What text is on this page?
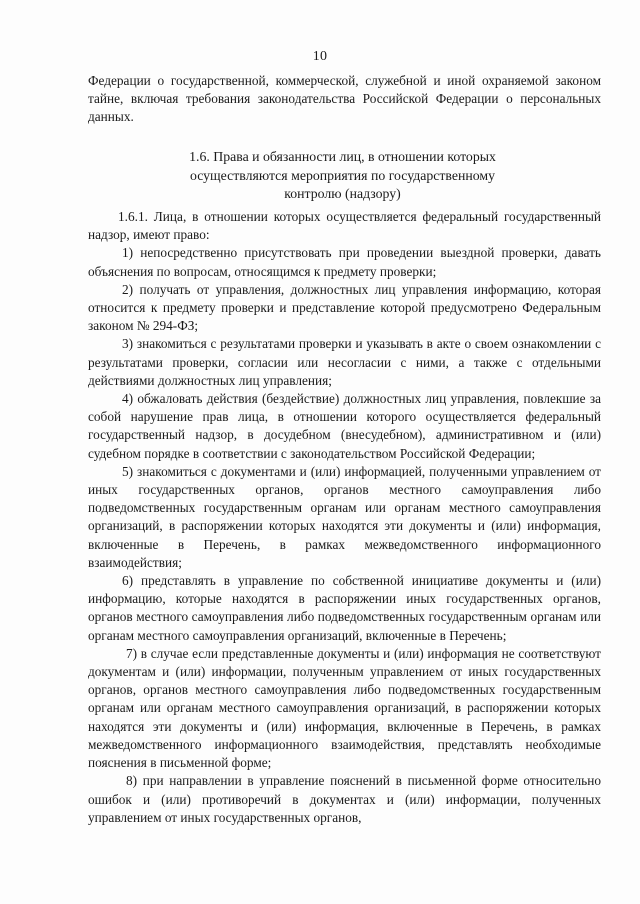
10

Федерации о государственной, коммерческой, служебной и иной охраняемой законом тайне, включая требования законодательства Российской Федерации о персональных данных.

1.6. Права и обязанности лиц, в отношении которых
осуществляются мероприятия по государственному
контролю (надзору)

1.6.1. Лица, в отношении которых осуществляется федеральный государственный надзор, имеют право:

1) непосредственно присутствовать при проведении выездной проверки, давать объяснения по вопросам, относящимся к предмету проверки;

2) получать от управления, должностных лиц управления информацию, которая относится к предмету проверки и представление которой предусмотрено Федеральным законом № 294-ФЗ;

3) знакомиться с результатами проверки и указывать в акте о своем ознакомлении с результатами проверки, согласии или несогласии с ними, а также с отдельными действиями должностных лиц управления;

4) обжаловать действия (бездействие) должностных лиц управления, повлекшие за собой нарушение прав лица, в отношении которого осуществляется федеральный государственный надзор, в досудебном (внесудебном), административном и (или) судебном порядке в соответствии с законодательством Российской Федерации;

5) знакомиться с документами и (или) информацией, полученными управлением от иных государственных органов, органов местного самоуправления либо подведомственных государственным органам или органам местного самоуправления организаций, в распоряжении которых находятся эти документы и (или) информация, включенные в Перечень, в рамках межведомственного информационного взаимодействия;

6) представлять в управление по собственной инициативе документы и (или) информацию, которые находятся в распоряжении иных государственных органов, органов местного самоуправления либо подведомственных государственным органам или органам местного самоуправления организаций, включенные в Перечень;

7) в случае если представленные документы и (или) информация не соответствуют документам и (или) информации, полученным управлением от иных государственных органов, органов местного самоуправления либо подведомственных государственным органам или органам местного самоуправления организаций, в распоряжении которых находятся эти документы и (или) информация, включенные в Перечень, в рамках межведомственного информационного взаимодействия, представлять необходимые пояснения в письменной форме;

8) при направлении в управление пояснений в письменной форме относительно ошибок и (или) противоречий в документах и (или) информации, полученных управлением от иных государственных органов,
